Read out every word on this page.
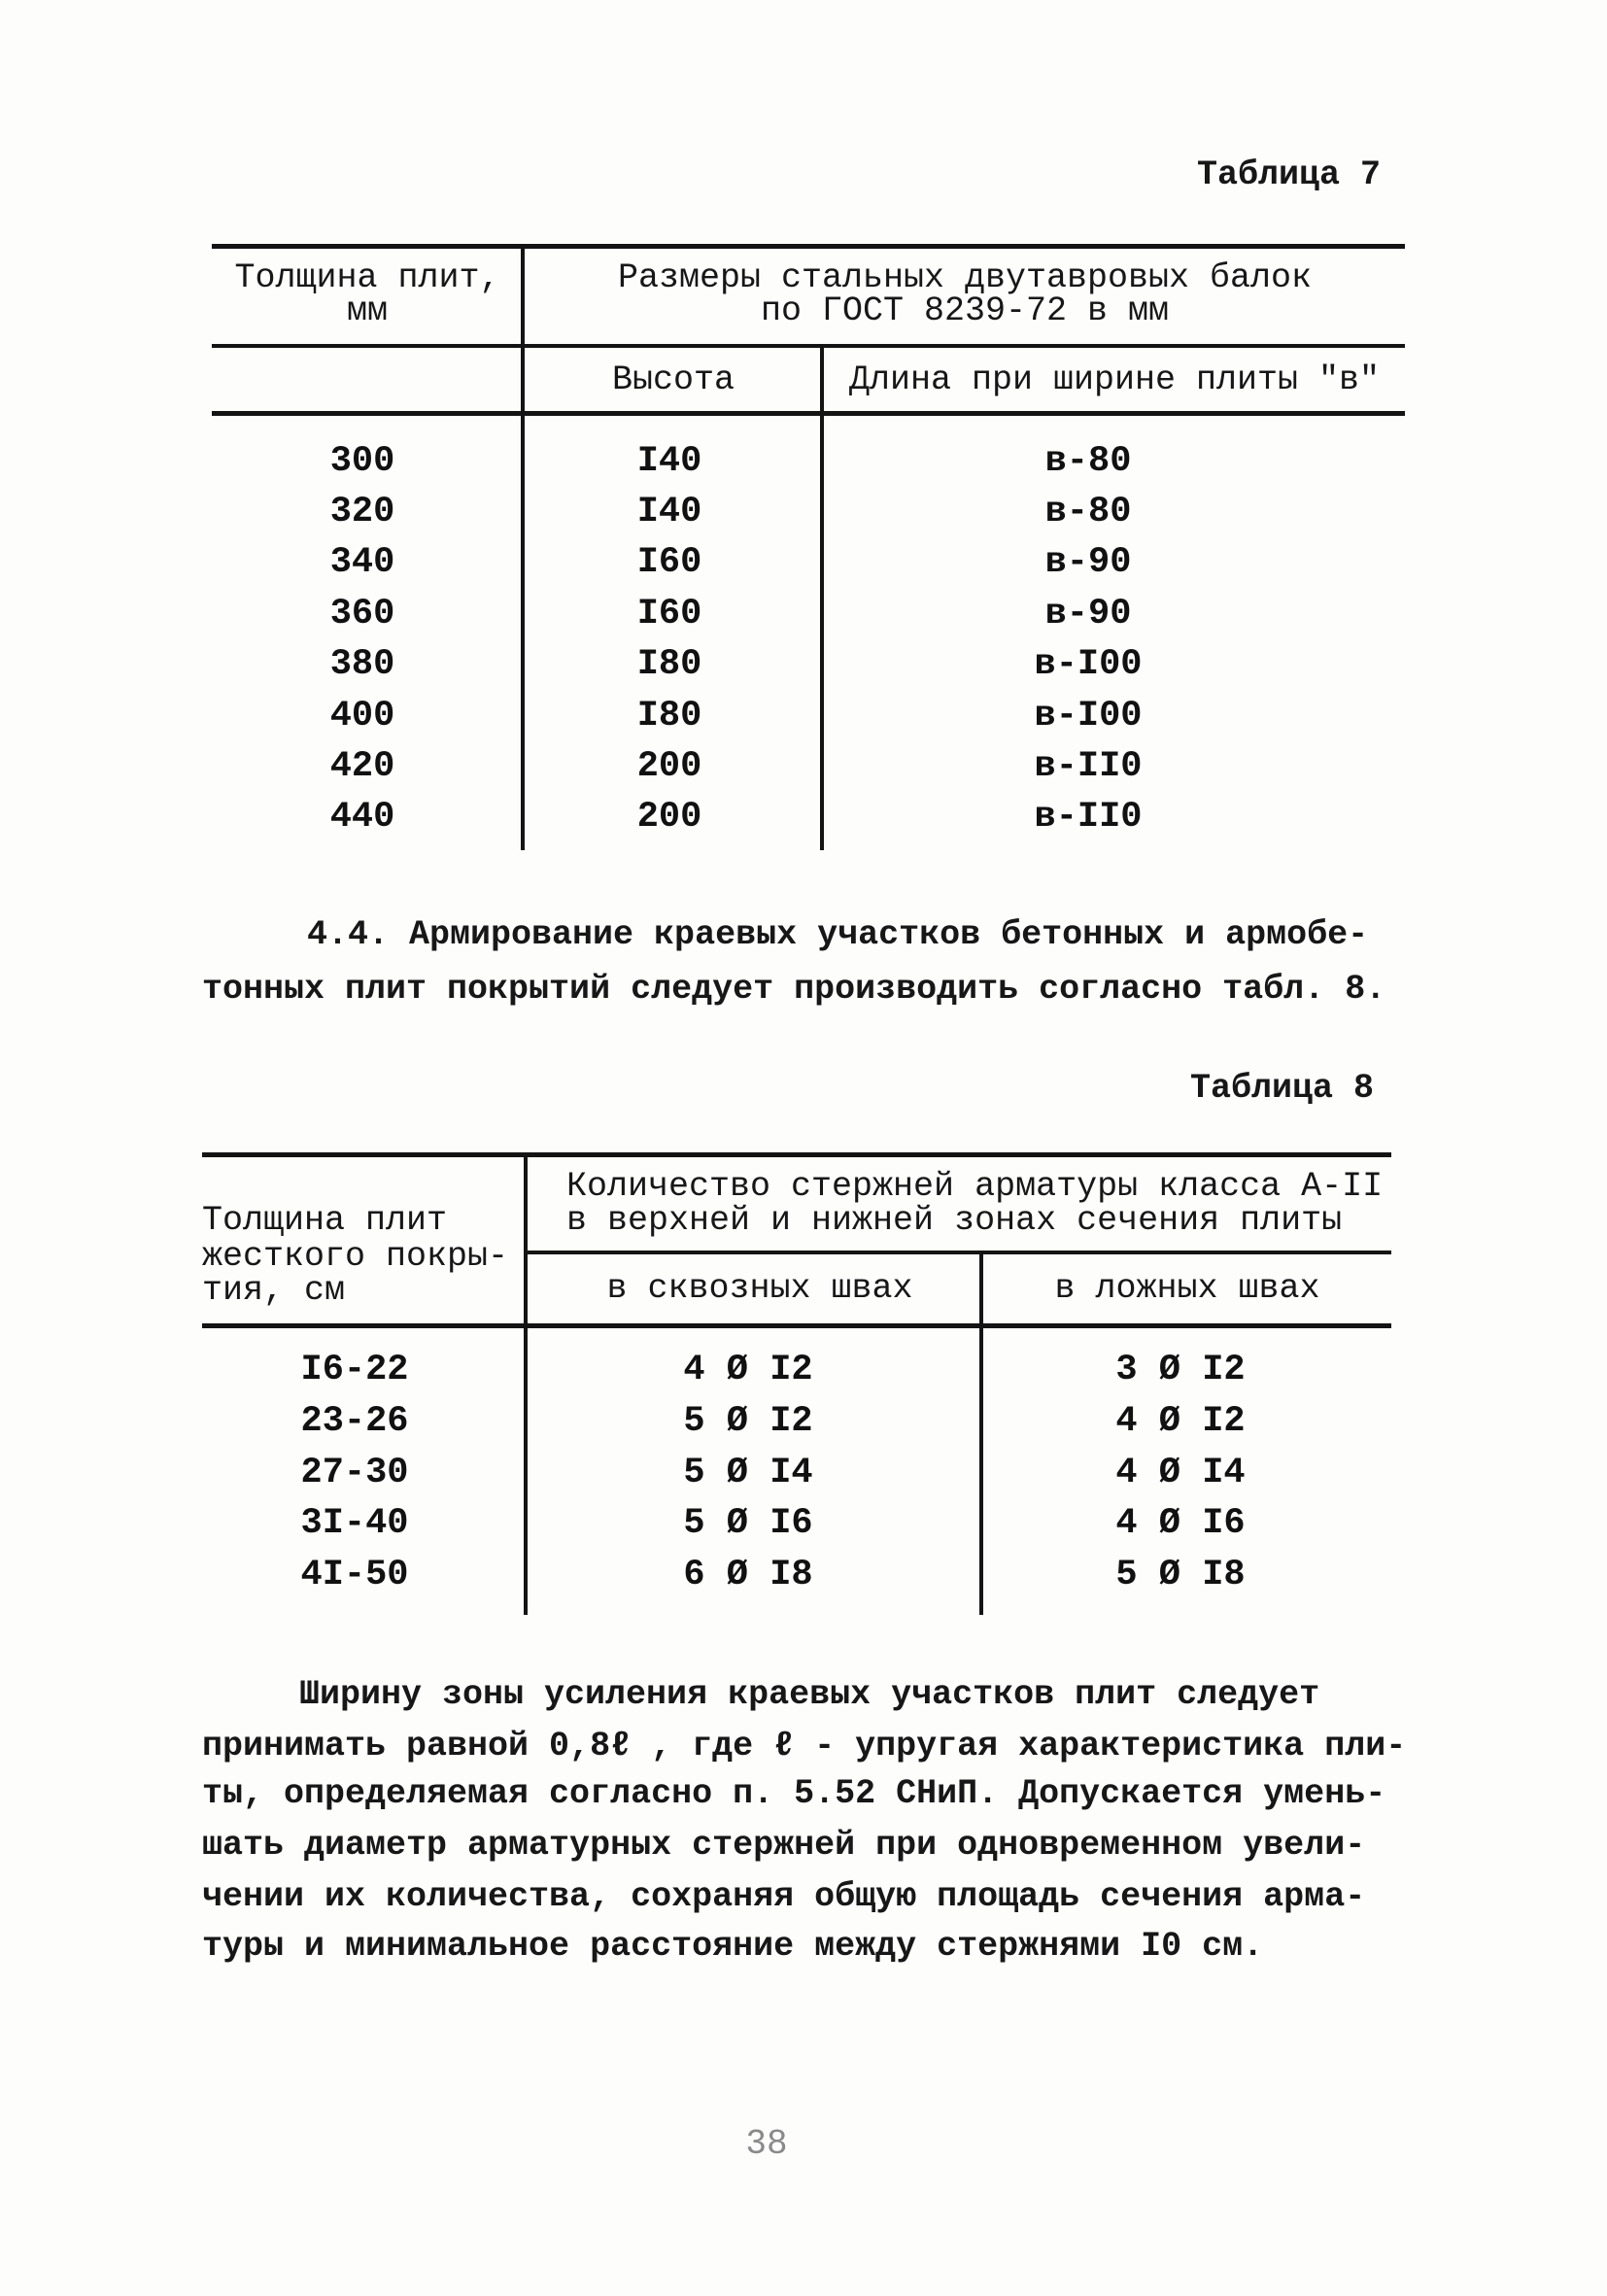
Таблица 7
Толщина плит,
мм
Размеры стальных двутавровых балок
по ГОСТ 8239-72 в мм
Высота	Длина при ширине плиты "в"
300	I40	в-80
320	I40	в-80
340	I60	в-90
360	I60	в-90
380	I80	в-I00
400	I80	в-I00
420	200	в-II0
440	200	в-II0
4.4. Армирование краевых участков бетонных и армобе-
тонных плит покрытий следует производить согласно табл. 8.
Таблица 8
Количество стержней арматуры класса А-II
в верхней и нижней зонах сечения плиты
Толщина плит
жесткого покры-
тия, см	в сквозных швах	в ложных швах
I6-22	4 Ø I2	3 Ø I2
23-26	5 Ø I2	4 Ø I2
27-30	5 Ø I4	4 Ø I4
3I-40	5 Ø I6	4 Ø I6
4I-50	6 Ø I8	5 Ø I8
Ширину зоны усиления краевых участков плит следует
принимать равной 0,8ℓ , где ℓ - упругая характеристика пли-
ты, определяемая согласно п. 5.52 СНиП. Допускается умень-
шать диаметр арматурных стержней при одновременном увели-
чении их количества, сохраняя общую площадь сечения арма-
туры и минимальное расстояние между стержнями I0 см.
38
